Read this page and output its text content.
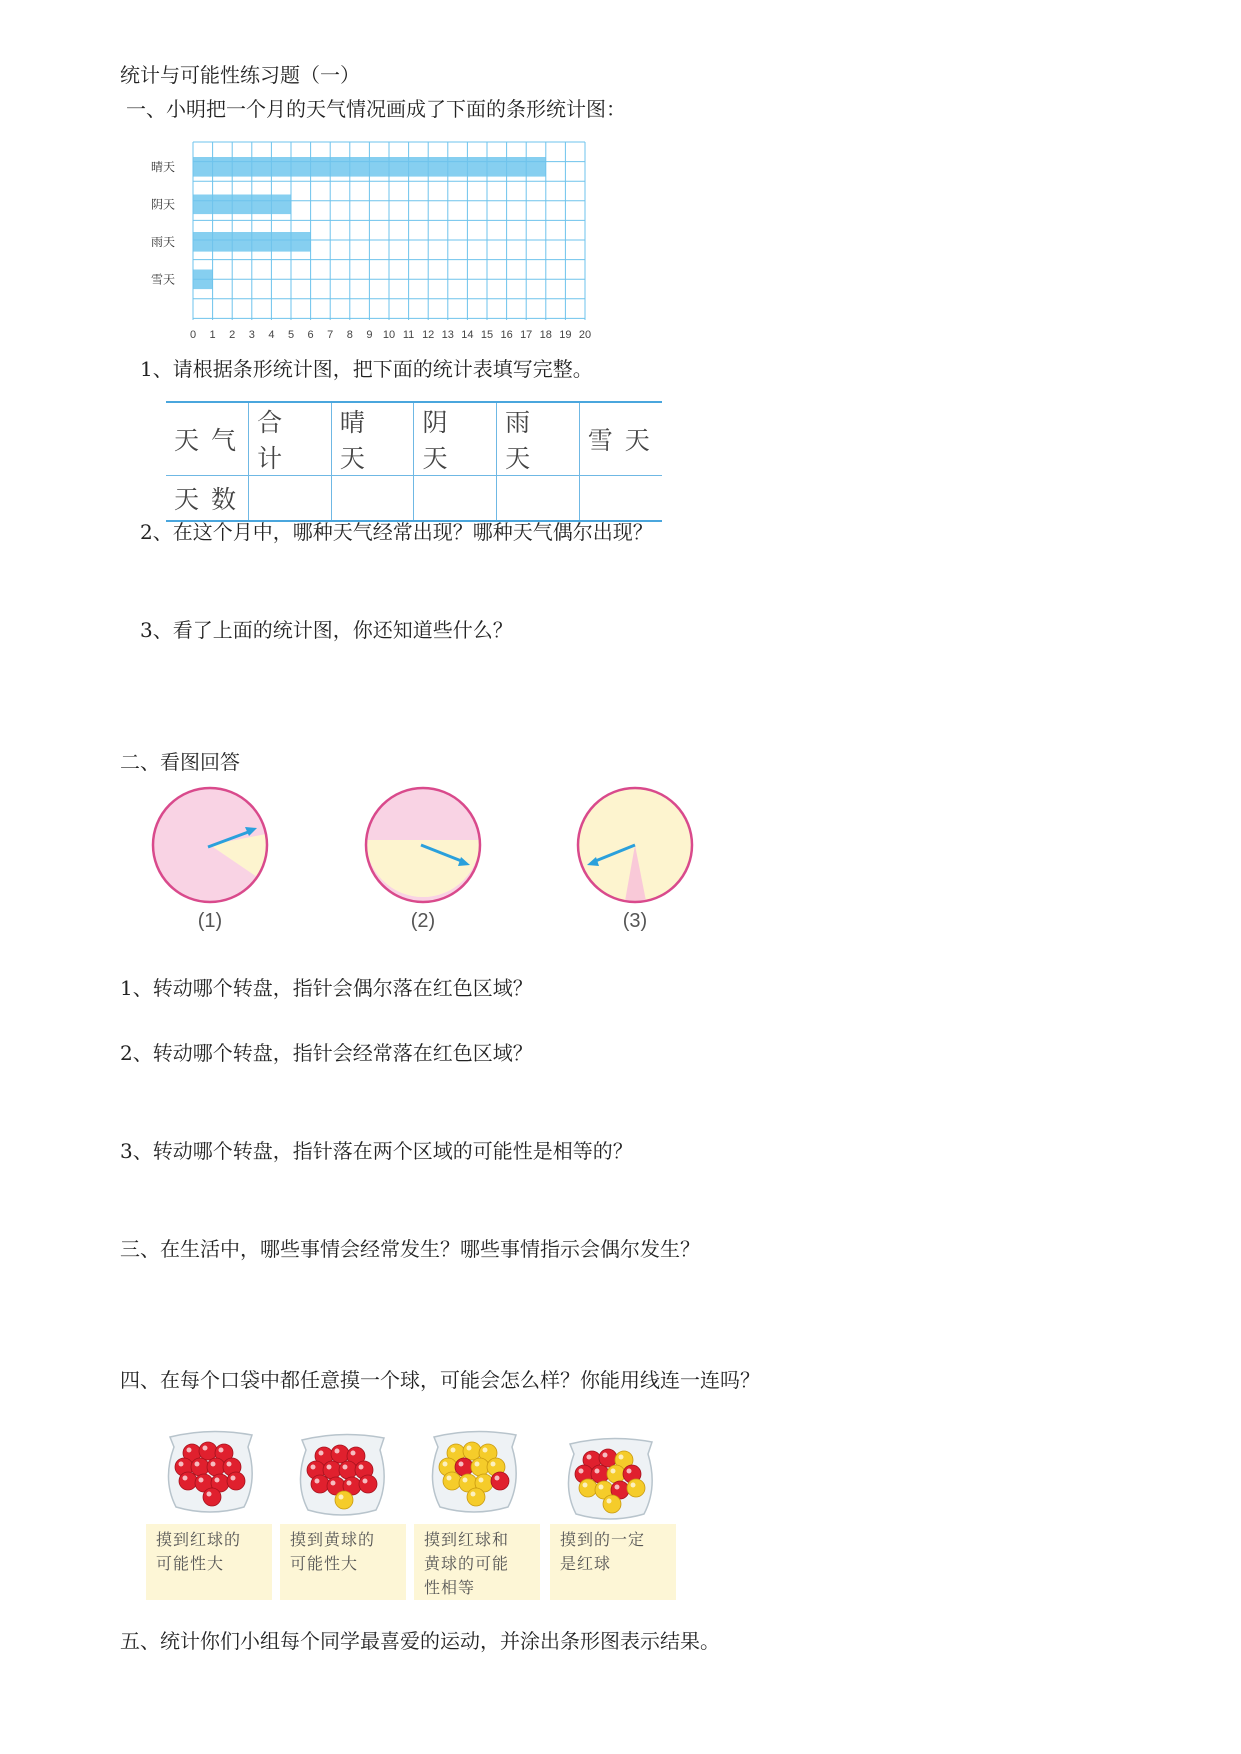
统计与可能性练习题（一）
一、小明把一个月的天气情况画成了下面的条形统计图：
晴天
阴天
雨天
雪天
0 1 2 3 4 5 6 7 8 9 10 11 12 13 14 15 16 17 18 19 20
1、请根据条形统计图，把下面的统计表填写完整。
天气	合计	晴天	阴天	雨天	雪天
天数					
2、在这个月中，哪种天气经常出现？哪种天气偶尔出现？
3、看了上面的统计图，你还知道些什么？
二、看图回答
(1)	(2)	(3)
1、转动哪个转盘，指针会偶尔落在红色区域？
2、转动哪个转盘，指针会经常落在红色区域？
3、转动哪个转盘，指针落在两个区域的可能性是相等的？
三、在生活中，哪些事情会经常发生？哪些事情指示会偶尔发生？
四、在每个口袋中都任意摸一个球，可能会怎么样？你能用线连一连吗？
摸到红球的
可能性大
摸到黄球的
可能性大
摸到红球和
黄球的可能
性相等
摸到的一定
是红球
五、统计你们小组每个同学最喜爱的运动，并涂出条形图表示结果。
